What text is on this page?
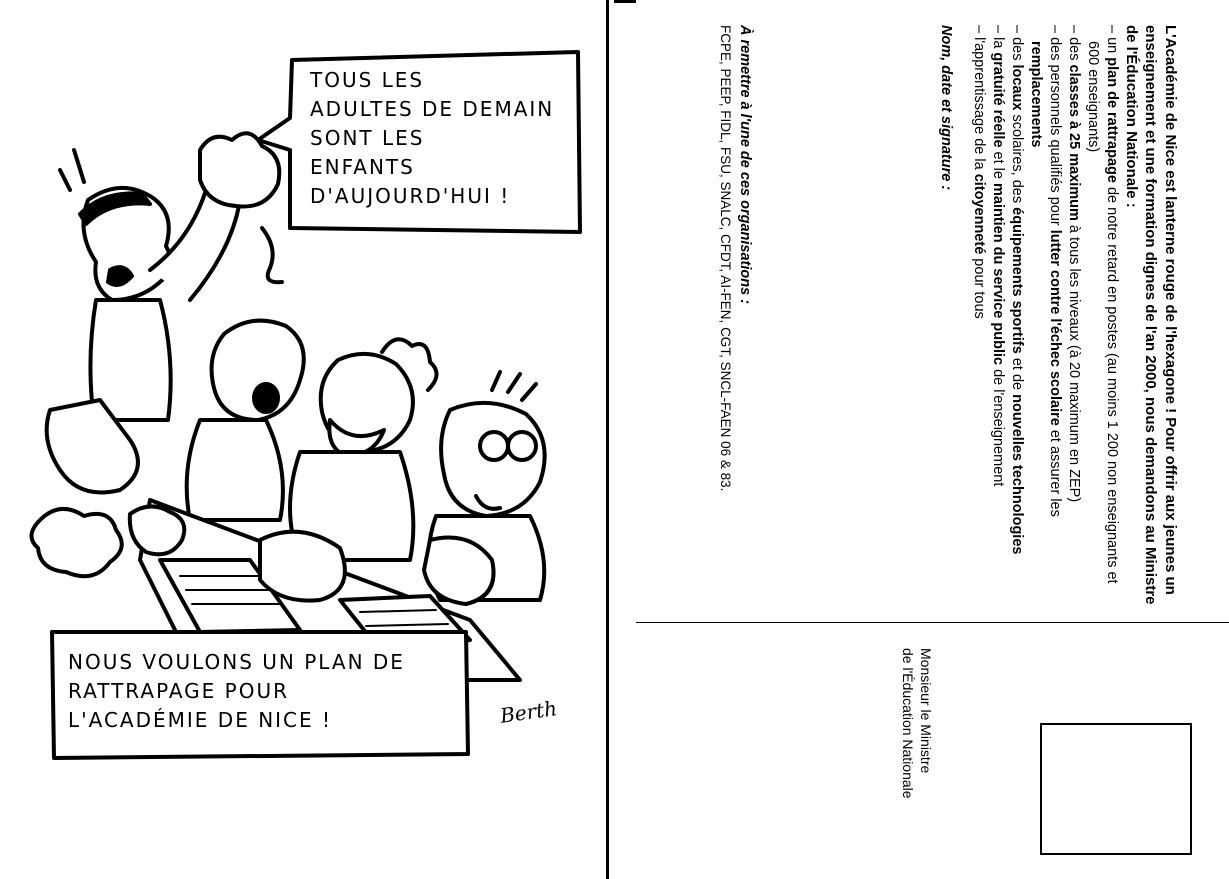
TOUS LES
ADULTES DE DEMAIN
SONT LES
ENFANTS
D'AUJOURD'HUI !
NOUS VOULONS UN PLAN DE
RATTRAPAGE POUR
L'ACADÉMIE DE NICE !	Berth

L'Académie de Nice est lanterne rouge de l'hexagone ! Pour offrir aux jeunes un enseignement et une formation dignes de l'an 2000, nous demandons au Ministre de l'Éducation Nationale :

– un plan de rattrapage de notre retard en postes (au moins 1 200 non enseignants et 600 enseignants)
– des classes à 25 maximum à tous les niveaux (à 20 maximum en ZEP)
– des personnels qualifiés pour lutter contre l'échec scolaire et assurer les remplacements
– des locaux scolaires, des équipements sportifs et de nouvelles technologies
– la gratuité réelle et le maintien du service public de l'enseignement
– l'apprentissage de la citoyenneté pour tous

Nom, date et signature :

À remettre à l'une de ces organisations :

FCPE, PEEP, FIDL, FSU, SNALC, CFDT, AI-FEN, CGT, SNCL-FAEN 06 & 83.

Monsieur le Ministre
de l'Éducation Nationale
